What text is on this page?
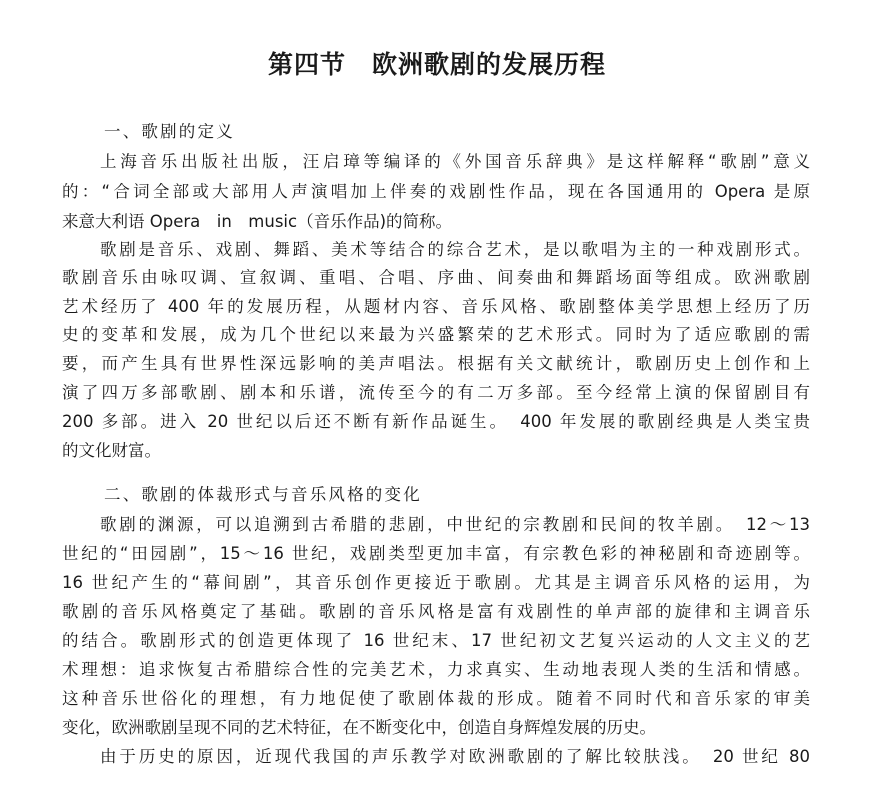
第四节　欧洲歌剧的发展历程
一、歌剧的定义
上海音乐出版社出版，汪启璋等编译的《外国音乐辞典》是这样解释“歌剧”意义
的：“合词全部或大部用人声演唱加上伴奏的戏剧性作品，现在各国通用的 Opera 是原
来意大利语 Opera　in　music（音乐作品)的简称。
歌剧是音乐、戏剧、舞蹈、美术等结合的综合艺术，是以歌唱为主的一种戏剧形式。
歌剧音乐由咏叹调、宣叙调、重唱、合唱、序曲、间奏曲和舞蹈场面等组成。欧洲歌剧
艺术经历了 400 年的发展历程，从题材内容、音乐风格、歌剧整体美学思想上经历了历
史的变革和发展，成为几个世纪以来最为兴盛繁荣的艺术形式。同时为了适应歌剧的需
要，而产生具有世界性深远影响的美声唱法。根据有关文献统计，歌剧历史上创作和上
演了四万多部歌剧、剧本和乐谱，流传至今的有二万多部。至今经常上演的保留剧目有
200 多部。进入 20 世纪以后还不断有新作品诞生。　400 年发展的歌剧经典是人类宝贵
的文化财富。
二、歌剧的体裁形式与音乐风格的变化
歌剧的渊源，可以追溯到古希腊的悲剧，中世纪的宗教剧和民间的牧羊剧。　12～13
世纪的“田园剧”，15～16 世纪，戏剧类型更加丰富，有宗教色彩的神秘剧和奇迹剧等。
16 世纪产生的“幕间剧”，其音乐创作更接近于歌剧。尤其是主调音乐风格的运用，为
歌剧的音乐风格奠定了基础。歌剧的音乐风格是富有戏剧性的单声部的旋律和主调音乐
的结合。歌剧形式的创造更体现了 16 世纪末、17 世纪初文艺复兴运动的人文主义的艺
术理想：追求恢复古希腊综合性的完美艺术，力求真实、生动地表现人类的生活和情感。
这种音乐世俗化的理想，有力地促使了歌剧体裁的形成。随着不同时代和音乐家的审美
变化，欧洲歌剧呈现不同的艺术特征，在不断变化中，创造自身辉煌发展的历史。
由于历史的原因，近现代我国的声乐教学对欧洲歌剧的了解比较肤浅。　20 世纪 80
